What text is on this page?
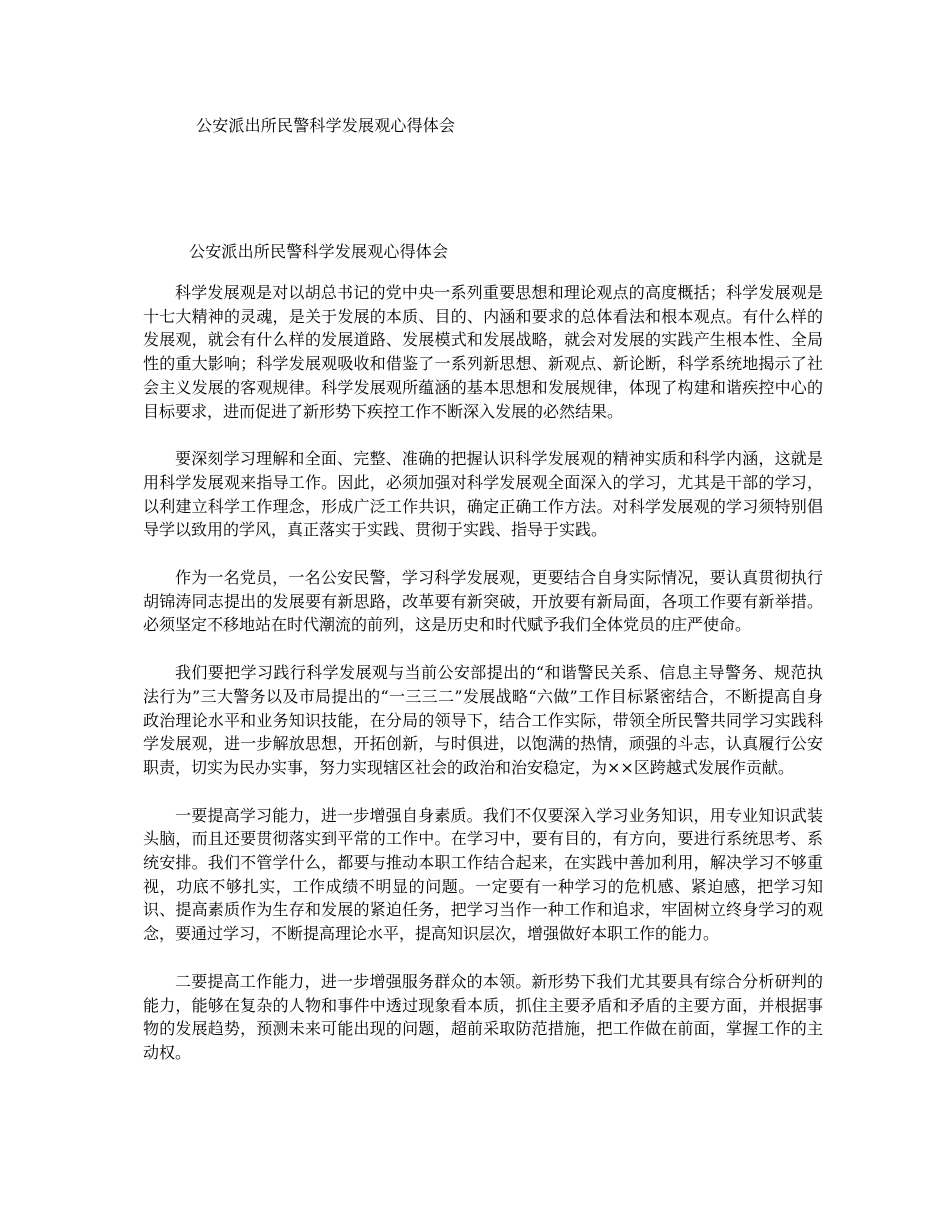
公安派出所民警科学发展观心得体会
公安派出所民警科学发展观心得体会

科学发展观是对以胡总书记的党中央一系列重要思想和理论观点的高度概括；科学发展观是十七大精神的灵魂，是关于发展的本质、目的、内涵和要求的总体看法和根本观点。有什么样的发展观，就会有什么样的发展道路、发展模式和发展战略，就会对发展的实践产生根本性、全局性的重大影响；科学发展观吸收和借鉴了一系列新思想、新观点、新论断，科学系统地揭示了社会主义发展的客观规律。科学发展观所蕴涵的基本思想和发展规律，体现了构建和谐疾控中心的目标要求，进而促进了新形势下疾控工作不断深入发展的必然结果。

要深刻学习理解和全面、完整、准确的把握认识科学发展观的精神实质和科学内涵，这就是用科学发展观来指导工作。因此，必须加强对科学发展观全面深入的学习，尤其是干部的学习，以利建立科学工作理念，形成广泛工作共识，确定正确工作方法。对科学发展观的学习须特别倡导学以致用的学风，真正落实于实践、贯彻于实践、指导于实践。

作为一名党员，一名公安民警，学习科学发展观，更要结合自身实际情况，要认真贯彻执行胡锦涛同志提出的发展要有新思路，改革要有新突破，开放要有新局面，各项工作要有新举措。必须坚定不移地站在时代潮流的前列，这是历史和时代赋予我们全体党员的庄严使命。

我们要把学习践行科学发展观与当前公安部提出的“和谐警民关系、信息主导警务、规范执法行为”三大警务以及市局提出的“一三三二”发展战略“六做”工作目标紧密结合，不断提高自身政治理论水平和业务知识技能，在分局的领导下，结合工作实际，带领全所民警共同学习实践科学发展观，进一步解放思想，开拓创新，与时俱进，以饱满的热情，顽强的斗志，认真履行公安职责，切实为民办实事，努力实现辖区社会的政治和治安稳定，为××区跨越式发展作贡献。

一要提高学习能力，进一步增强自身素质。我们不仅要深入学习业务知识，用专业知识武装头脑，而且还要贯彻落实到平常的工作中。在学习中，要有目的，有方向，要进行系统思考、系统安排。我们不管学什么，都要与推动本职工作结合起来，在实践中善加利用，解决学习不够重视，功底不够扎实，工作成绩不明显的问题。一定要有一种学习的危机感、紧迫感，把学习知识、提高素质作为生存和发展的紧迫任务，把学习当作一种工作和追求，牢固树立终身学习的观念，要通过学习，不断提高理论水平，提高知识层次，增强做好本职工作的能力。

二要提高工作能力，进一步增强服务群众的本领。新形势下我们尤其要具有综合分析研判的能力，能够在复杂的人物和事件中透过现象看本质，抓住主要矛盾和矛盾的主要方面，并根据事物的发展趋势，预测未来可能出现的问题，超前采取防范措施，把工作做在前面，掌握工作的主动权。
